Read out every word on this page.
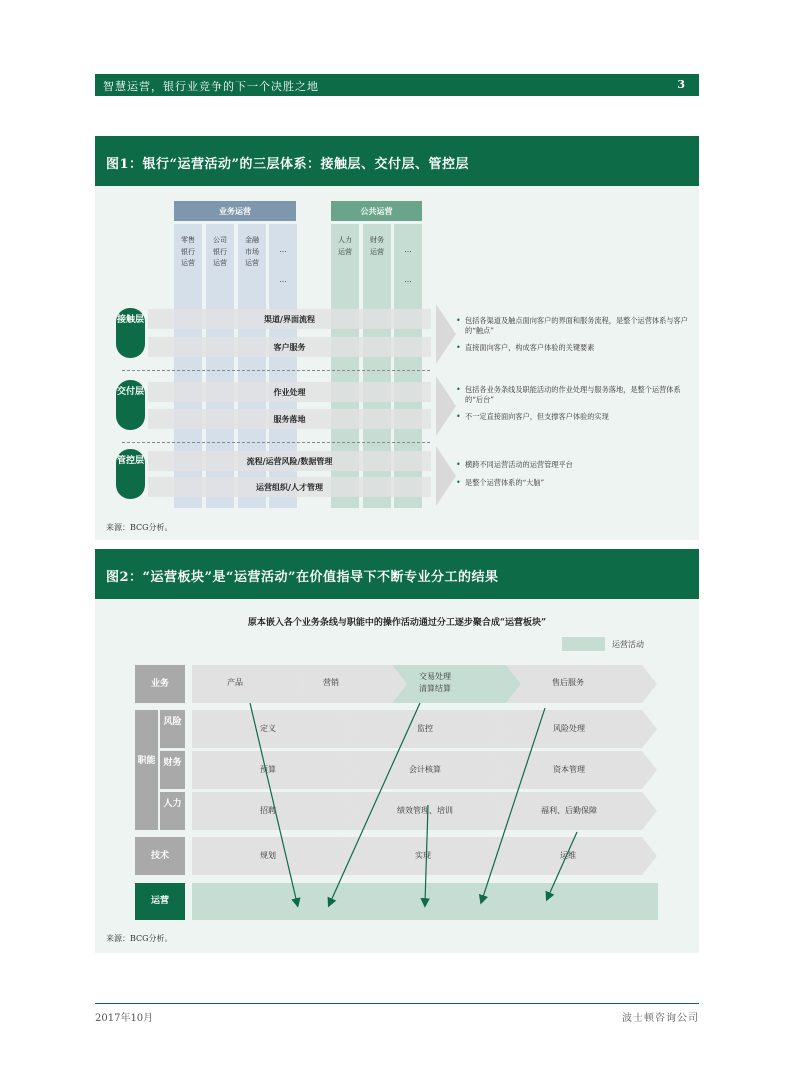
智慧运营，银行业竞争的下一个决胜之地	3
图1：银行“运营活动”的三层体系：接触层、交付层、管控层
来源：BCG分析。
业务运营	公共运营
零售银行运营
公司银行运营
金融市场运营
…
…
人力运营
财务运营	…
…
渠道/界面流程
客户服务
作业处理
服务落地
流程/运营风险/数据管理
运营组织/人才管理
接触层
交付层
管控层
• 包括各渠道及触点面向客户的界面和服务流程，是整个运营体系与客户的“触点”
• 直接面向客户，构成客户体验的关键要素
• 包括各业务条线及职能活动的作业处理与服务落地，是整个运营体系的“后台”
• 不一定直接面向客户，但支撑客户体验的实现
• 横跨不同运营活动的运营管理平台
• 是整个运营体系的“大脑”
图2：“运营板块”是“运营活动”在价值指导下不断专业分工的结果
原本嵌入各个业务条线与职能中的操作活动通过分工逐步聚合成“运营板块”
来源：BCG分析。
运营活动
业务
职能
风险
财务
人力
技术
运营
产品	营销
交易处理
清算结算
售后服务
定义	监控	风险处理
预算	会计核算	资本管理
招聘	绩效管理、培训	福利、后勤保障
规划	实现	运维
2017年10月	波士顿咨询公司
